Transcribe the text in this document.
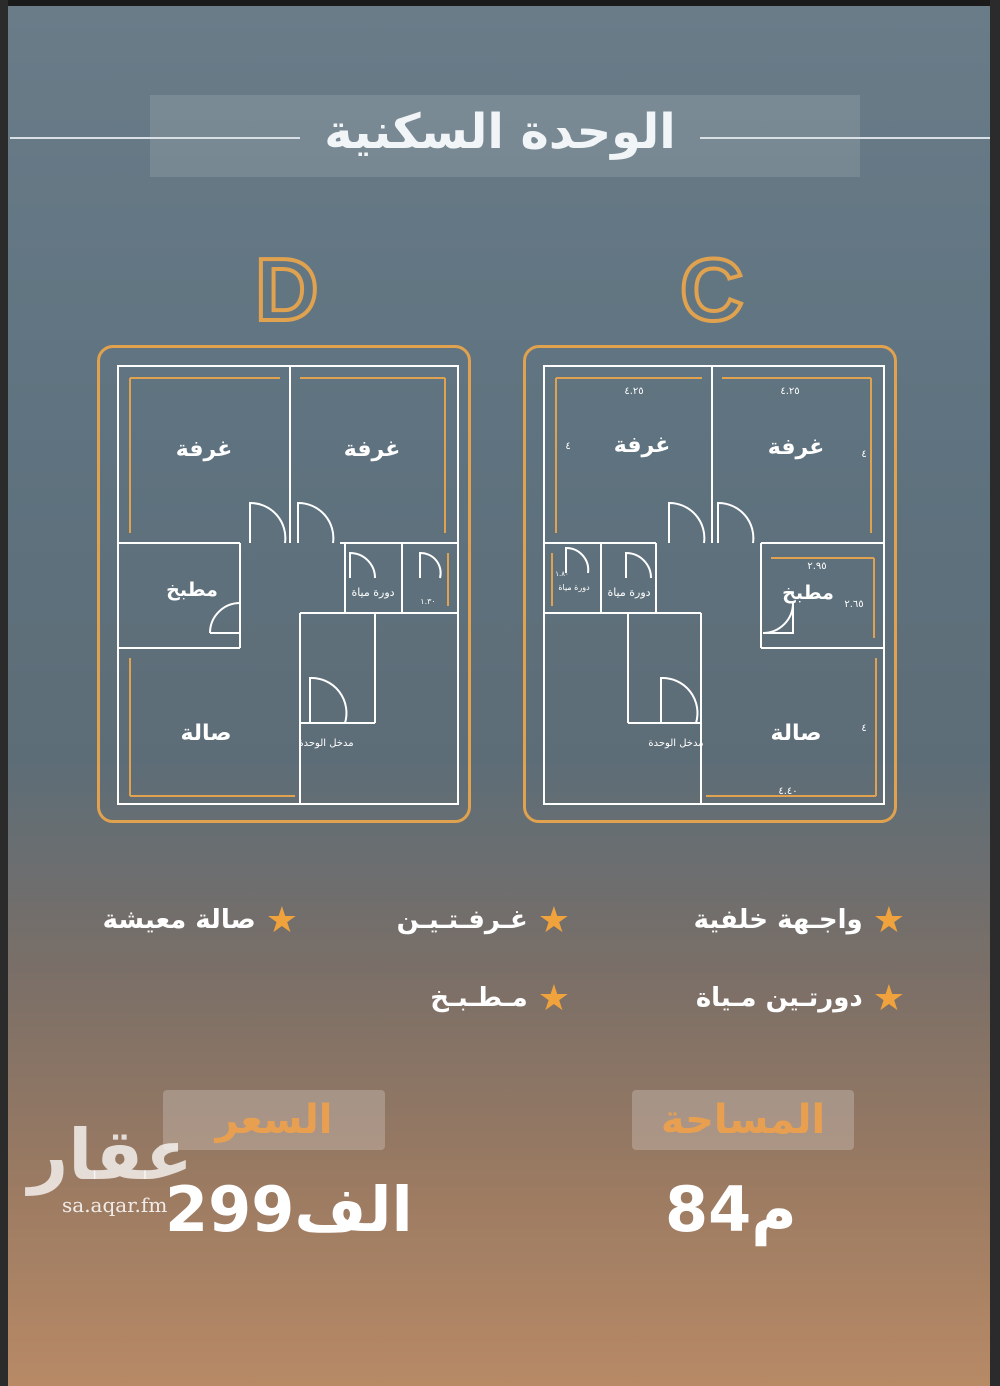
الوحدة السكنية
D
غرفة	غرفة
مطبخ	دورة مياة
صالة	مدخل الوحدة
١.٣٠
C
٤.٢٥	٤.٢٥
٤
٤
غرفة	غرفة
٢.٩٥
مطبخ
٢.٦٥
دورة مياة
١.٨٠
دورة مياة
صالة	٤
٤.٤٠
مدخل الوحدة
★واجـهة خلفية
★غـرفـتـيـن
★صالة معيشة
★دورتـين مـياة
★مـطـبـخ
المساحة
84م
السعر
299الف
عقار
sa.aqar.fm
